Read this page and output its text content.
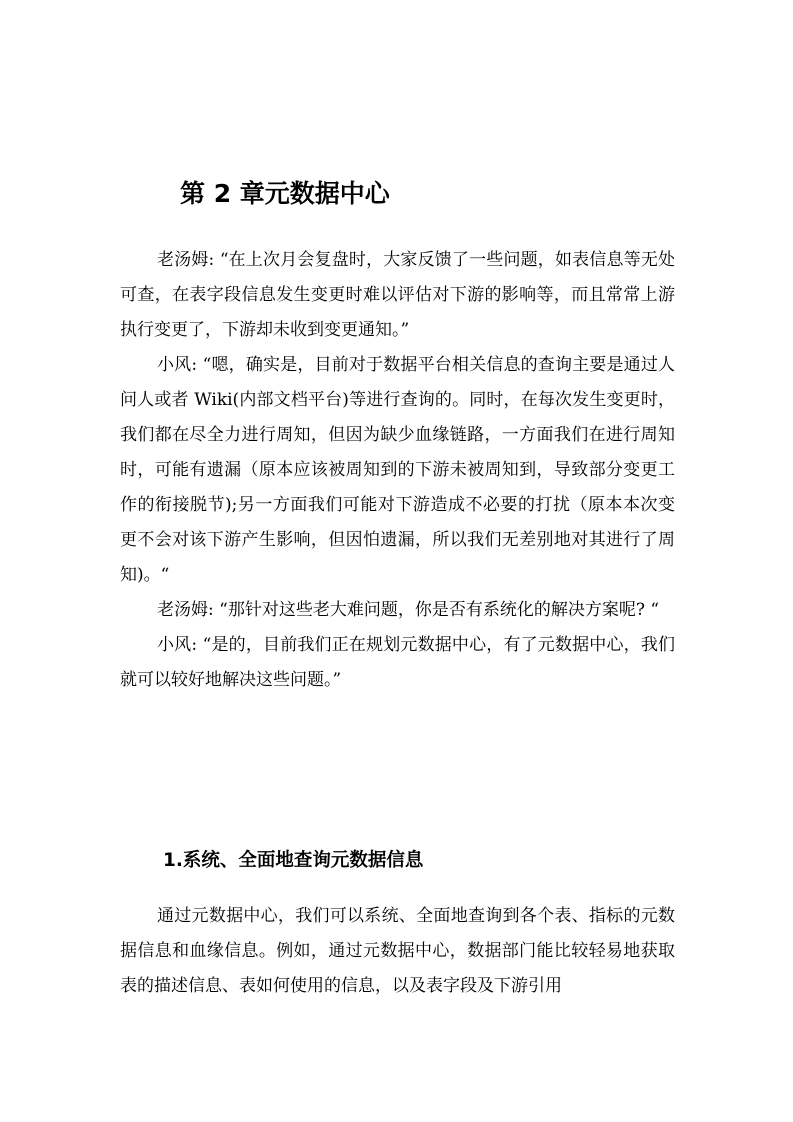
第 2 章元数据中心

老汤姆: “在上次月会复盘时，大家反馈了一些问题，如表信息等无处可查，在表字段信息发生变更时难以评估对下游的影响等，而且常常上游执行变更了，下游却未收到变更通知。”

小风: “嗯，确实是，目前对于数据平台相关信息的查询主要是通过人问人或者 Wiki(内部文档平台)等进行查询的。同时，在每次发生变更时，我们都在尽全力进行周知，但因为缺少血缘链路，一方面我们在进行周知时，可能有遗漏（原本应该被周知到的下游未被周知到，导致部分变更工作的衔接脱节);另一方面我们可能对下游造成不必要的打扰（原本本次变更不会对该下游产生影响，但因怕遗漏，所以我们无差别地对其进行了周知)。“

老汤姆: “那针对这些老大难问题，你是否有系统化的解决方案呢? “

小风: “是的，目前我们正在规划元数据中心，有了元数据中心，我们就可以较好地解决这些问题。”

1.系统、全面地查询元数据信息

通过元数据中心，我们可以系统、全面地查询到各个表、指标的元数据信息和血缘信息。例如，通过元数据中心，数据部门能比较轻易地获取表的描述信息、表如何使用的信息，以及表字段及下游引用
